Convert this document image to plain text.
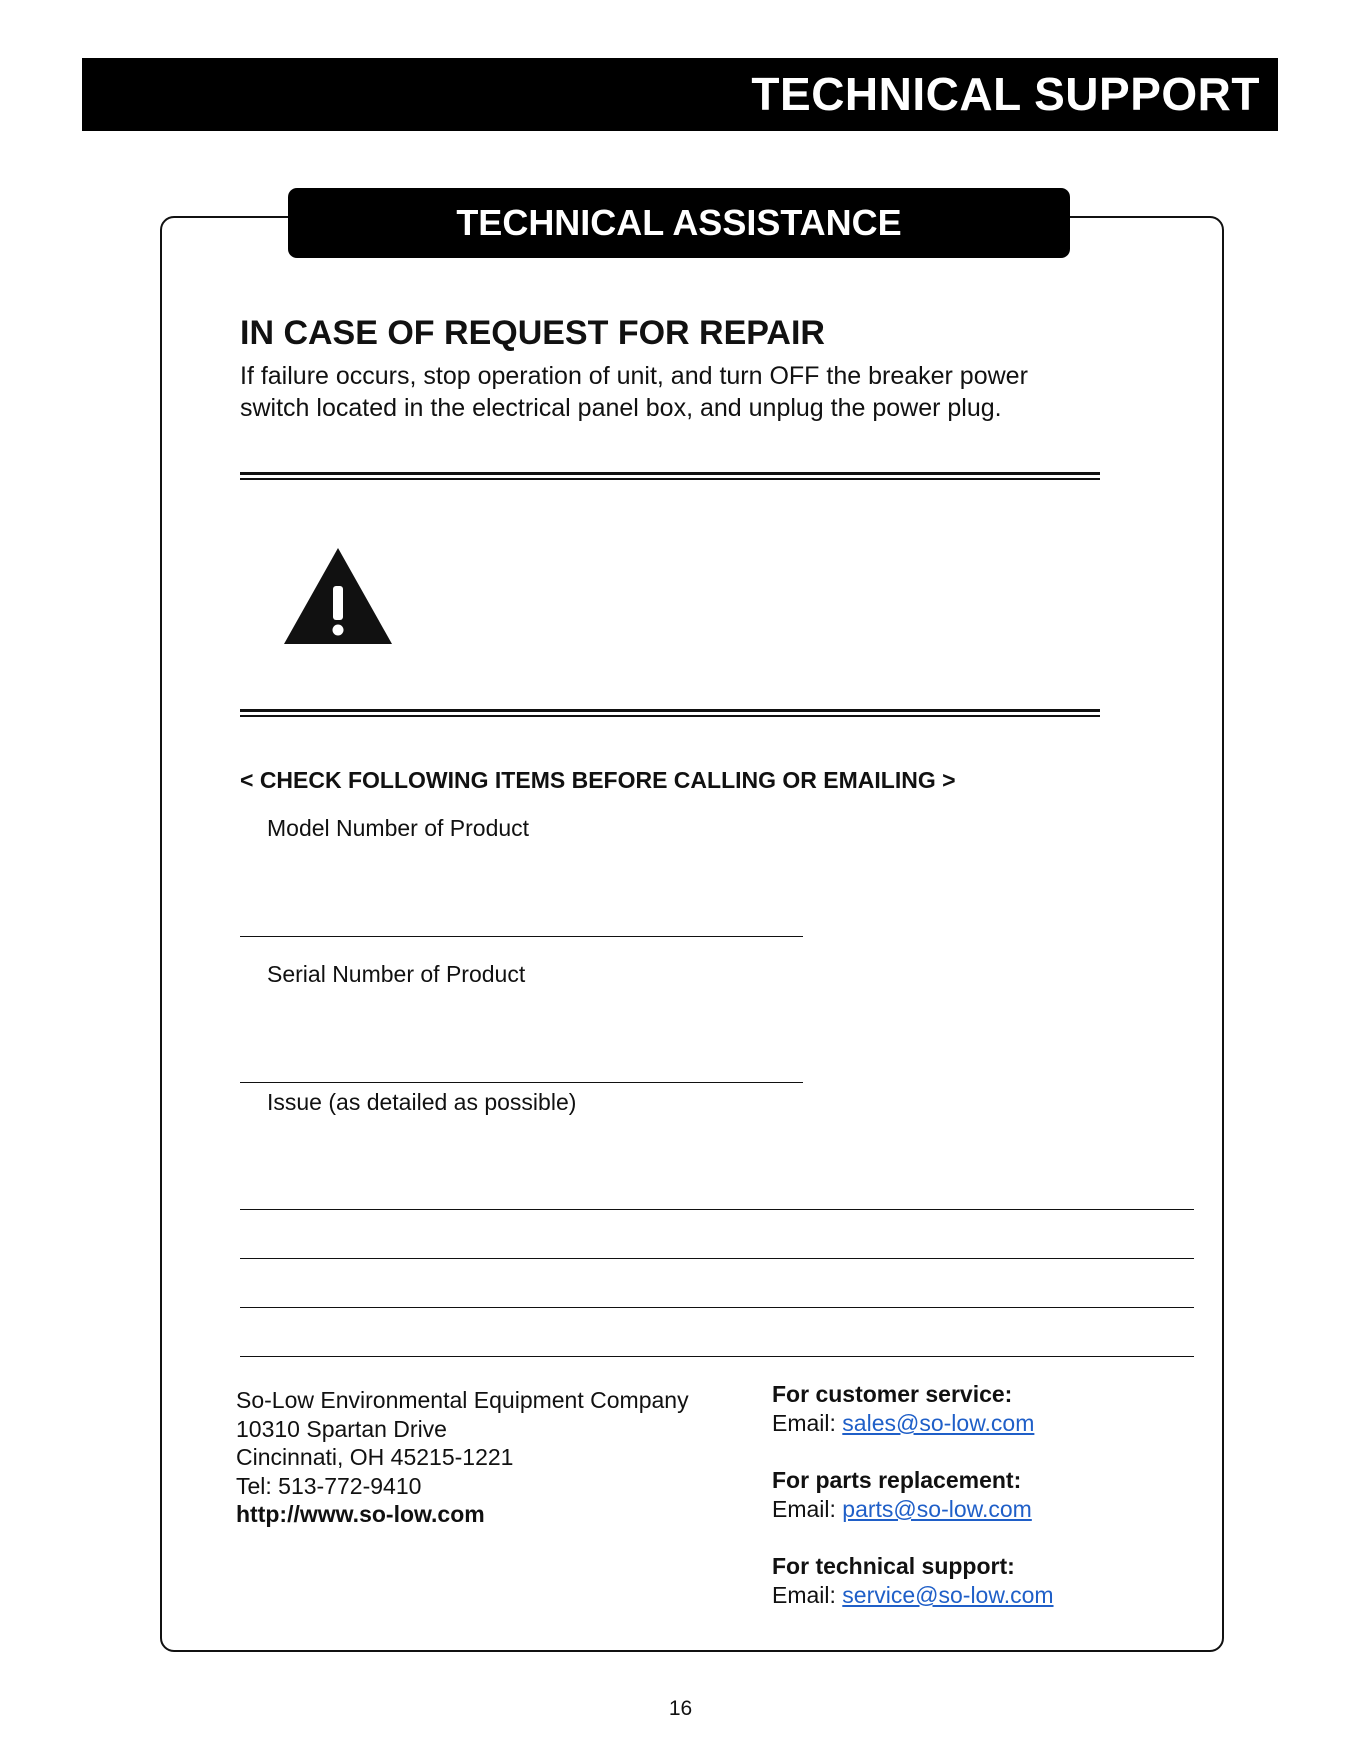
TECHNICAL SUPPORT
TECHNICAL ASSISTANCE
IN CASE OF REQUEST FOR REPAIR
If failure occurs, stop operation of unit, and turn OFF the breaker power
switch located in the electrical panel box, and unplug the power plug.
< CHECK FOLLOWING ITEMS BEFORE CALLING OR EMAILING >
Model Number of Product
Serial Number of Product
Issue (as detailed as possible)
So-Low Environmental Equipment Company
10310 Spartan Drive
Cincinnati, OH 45215-1221
Tel: 513-772-9410
http://www.so-low.com
For customer service:
Email: sales@so-low.com
For parts replacement:
Email: parts@so-low.com
For technical support:
Email: service@so-low.com
16
